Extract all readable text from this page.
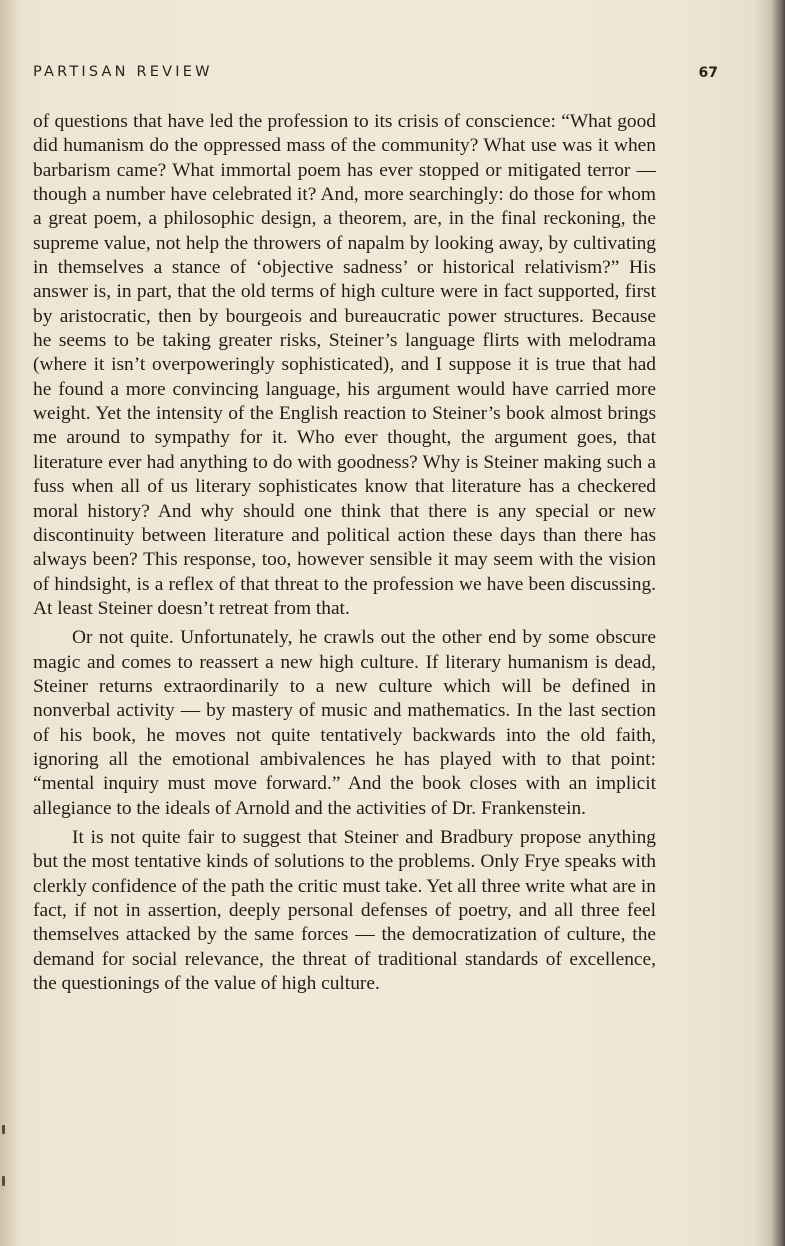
PARTISAN REVIEW	67

of questions that have led the profession to its crisis of conscience: “What good did humanism do the oppressed mass of the community? What use was it when barbarism came? What immortal poem has ever stopped or mitigated terror — though a number have celebrated it? And, more searchingly: do those for whom a great poem, a philosophic design, a theorem, are, in the final reckoning, the supreme value, not help the throwers of napalm by looking away, by cultivating in themselves a stance of ‘objective sadness’ or historical relativism?” His answer is, in part, that the old terms of high culture were in fact supported, first by aristocratic, then by bourgeois and bureaucratic power structures. Because he seems to be taking greater risks, Steiner’s language flirts with melodrama (where it isn’t overpoweringly sophisticated), and I suppose it is true that had he found a more convincing language, his argument would have carried more weight. Yet the intensity of the English reaction to Steiner’s book almost brings me around to sympathy for it. Who ever thought, the argument goes, that literature ever had anything to do with goodness? Why is Steiner making such a fuss when all of us literary sophisticates know that literature has a checkered moral history? And why should one think that there is any special or new discontinuity between literature and political action these days than there has always been? This response, too, however sensible it may seem with the vision of hindsight, is a reflex of that threat to the profession we have been discussing. At least Steiner doesn’t retreat from that.

Or not quite. Unfortunately, he crawls out the other end by some obscure magic and comes to reassert a new high culture. If literary humanism is dead, Steiner returns extraordinarily to a new culture which will be defined in nonverbal activity — by mastery of music and mathematics. In the last section of his book, he moves not quite tentatively backwards into the old faith, ignoring all the emotional ambivalences he has played with to that point: “mental inquiry must move forward.” And the book closes with an implicit allegiance to the ideals of Arnold and the activities of Dr. Frankenstein.

It is not quite fair to suggest that Steiner and Bradbury propose anything but the most tentative kinds of solutions to the problems. Only Frye speaks with clerkly confidence of the path the critic must take. Yet all three write what are in fact, if not in assertion, deeply personal defenses of poetry, and all three feel themselves attacked by the same forces — the democratization of culture, the demand for social relevance, the threat of traditional standards of excellence, the questionings of the value of high culture.
